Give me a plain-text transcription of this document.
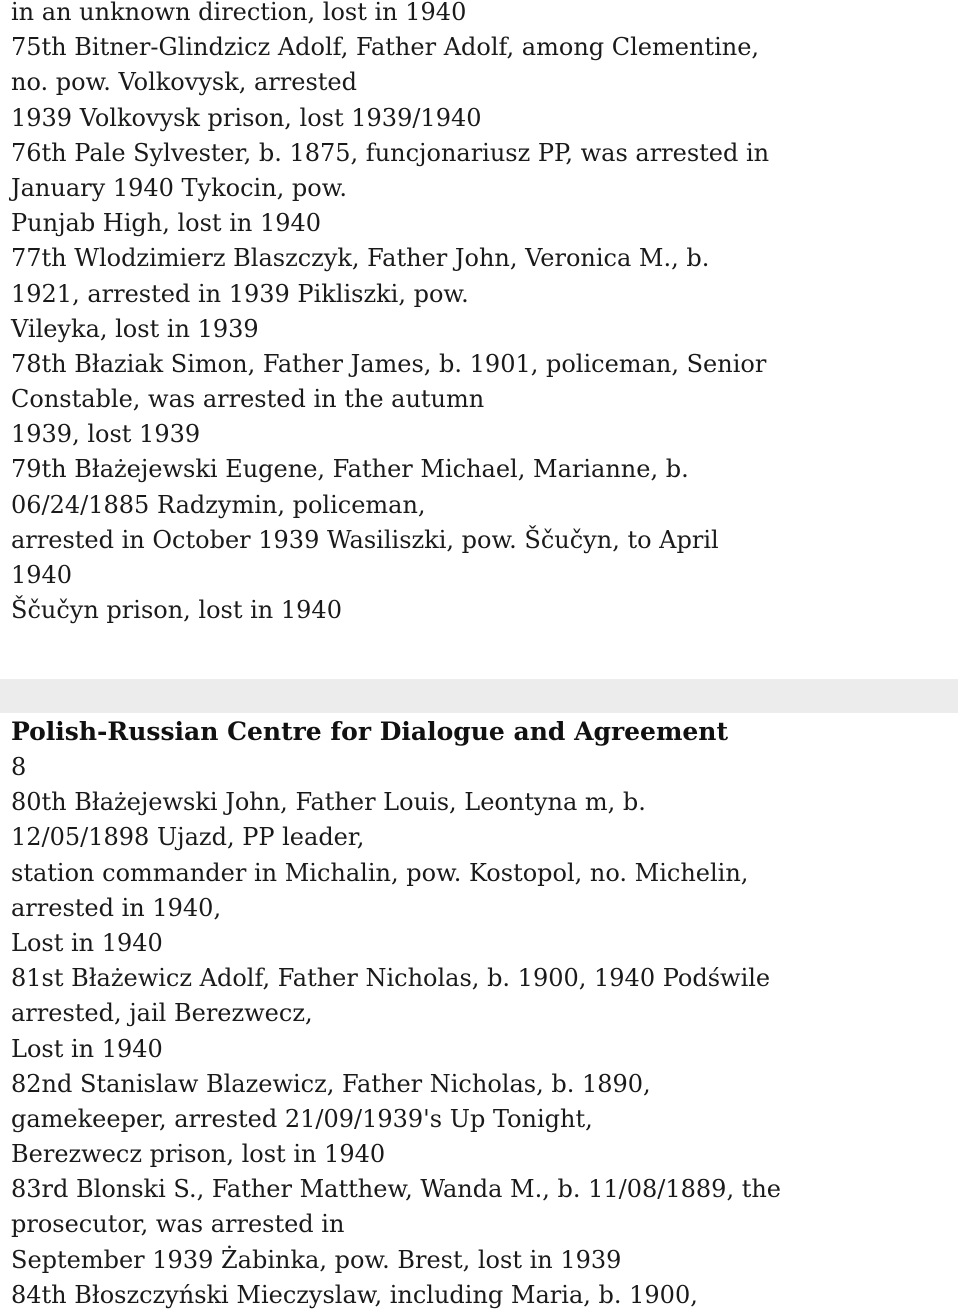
in an unknown direction, lost in 1940
75th Bitner-Glindzicz Adolf, Father Adolf, among Clementine,
no. pow. Volkovysk, arrested
1939 Volkovysk prison, lost 1939/1940
76th Pale Sylvester, b. 1875, funcjonariusz PP, was arrested in
January 1940 Tykocin, pow.
Punjab High, lost in 1940
77th Wlodzimierz Blaszczyk, Father John, Veronica M., b.
1921, arrested in 1939 Pikliszki, pow.
Vileyka, lost in 1939
78th Błaziak Simon, Father James, b. 1901, policeman, Senior
Constable, was arrested in the autumn
1939, lost 1939
79th Błażejewski Eugene, Father Michael, Marianne, b.
06/24/1885 Radzymin, policeman,
arrested in October 1939 Wasiliszki, pow. Ščučyn, to April
1940
Ščučyn prison, lost in 1940
Polish-Russian Centre for Dialogue and Agreement
8
80th Błażejewski John, Father Louis, Leontyna m, b.
12/05/1898 Ujazd, PP leader,
station commander in Michalin, pow. Kostopol, no. Michelin,
arrested in 1940,
Lost in 1940
81st Błażewicz Adolf, Father Nicholas, b. 1900, 1940 Podświle
arrested, jail Berezwecz,
Lost in 1940
82nd Stanislaw Blazewicz, Father Nicholas, b. 1890,
gamekeeper, arrested 21/09/1939's Up Tonight,
Berezwecz prison, lost in 1940
83rd Blonski S., Father Matthew, Wanda M., b. 11/08/1889, the
prosecutor, was arrested in
September 1939 Żabinka, pow. Brest, lost in 1939
84th Błoszczyński Mieczyslaw, including Maria, b. 1900,
